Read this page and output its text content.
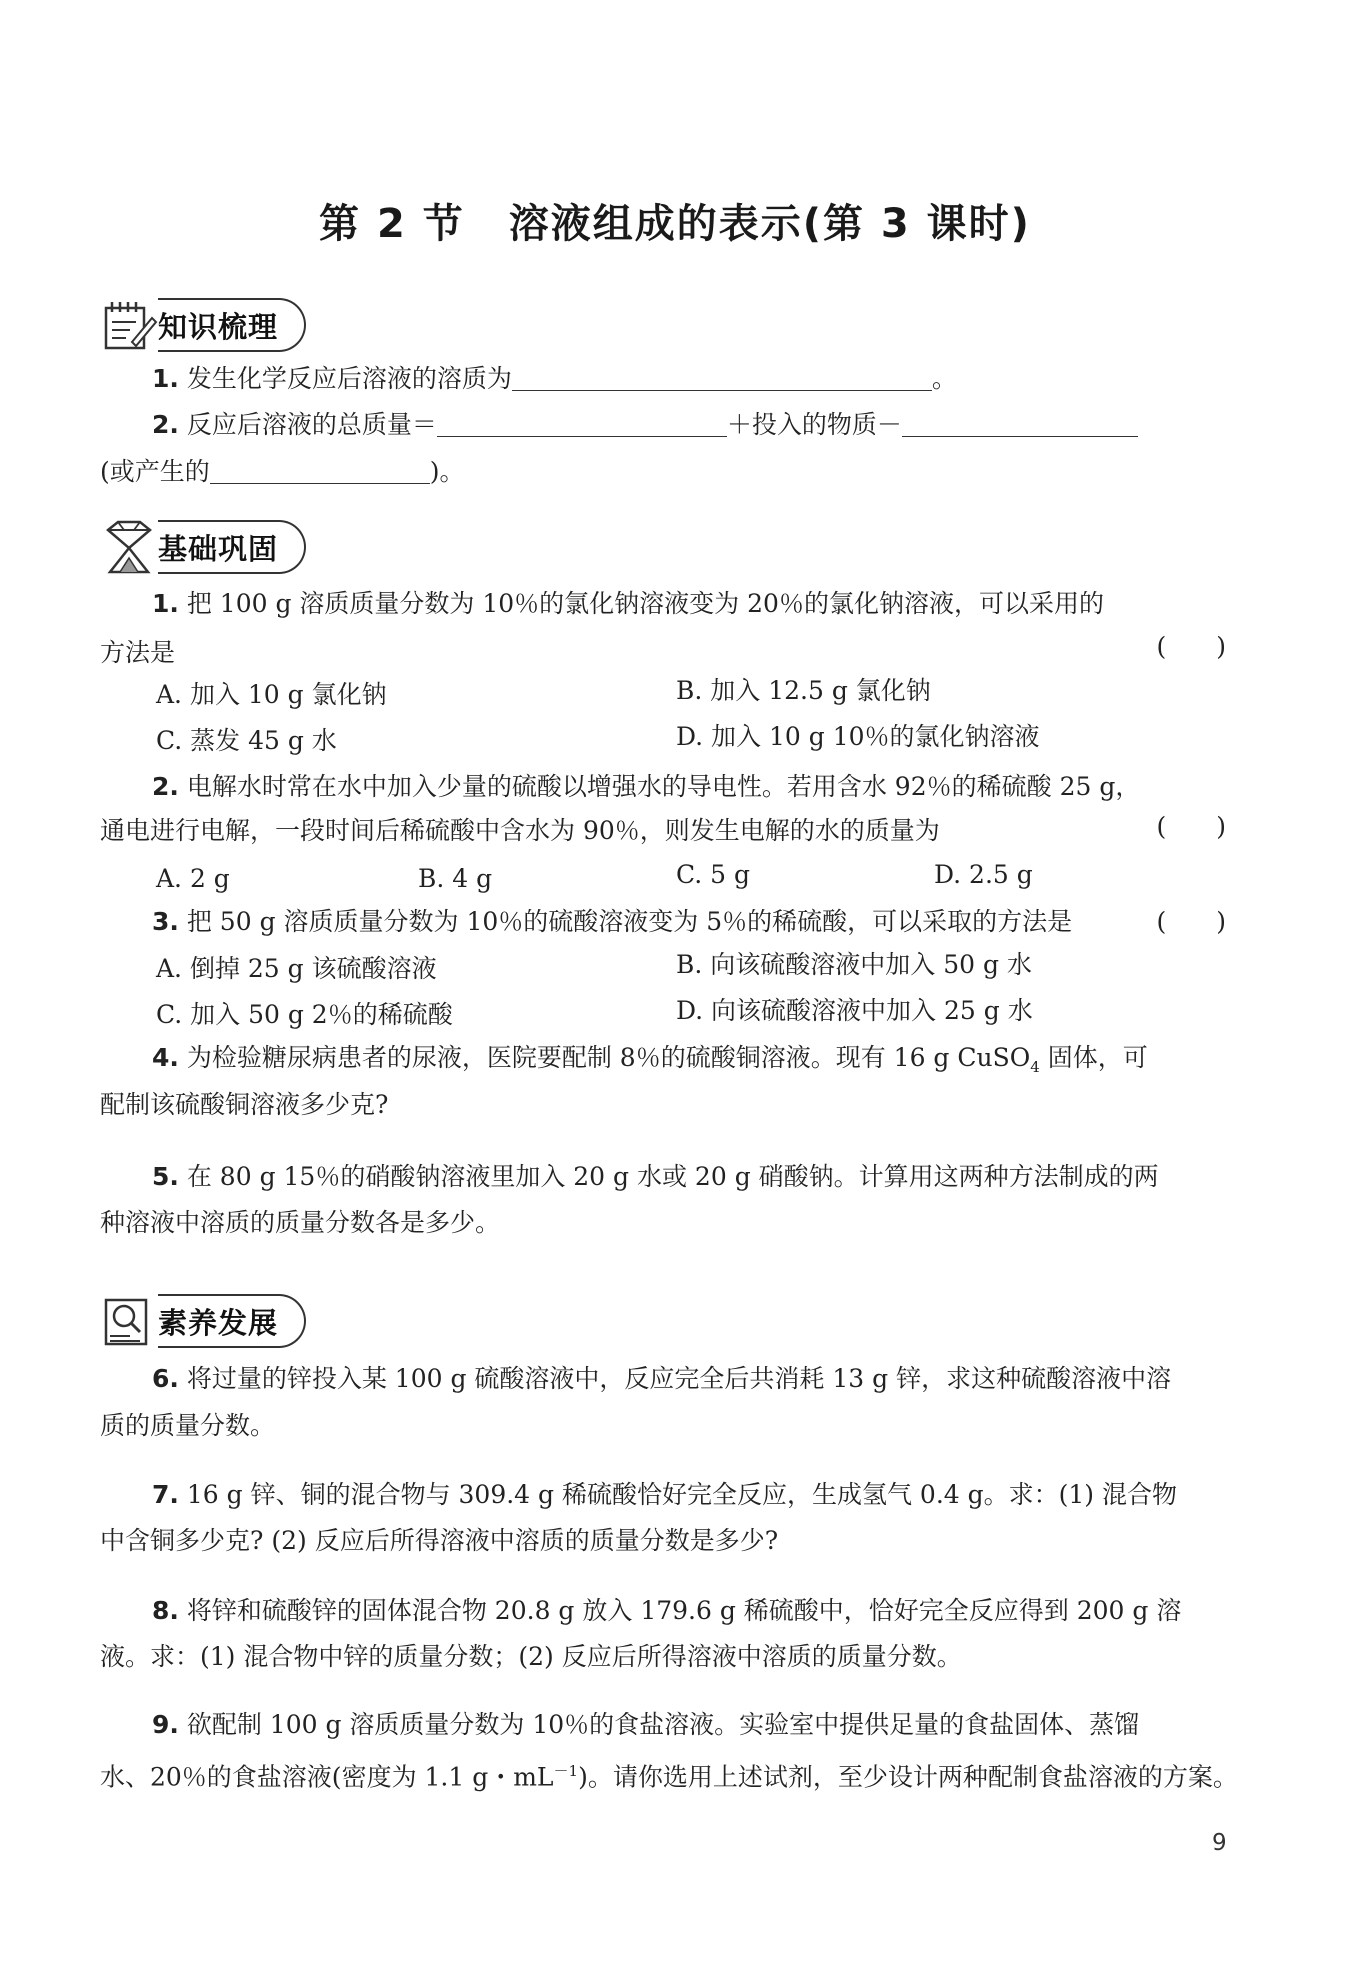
第 2 节 溶液组成的表示(第 3 课时)
知识梳理
1. 发生化学反应后溶液的溶质为	。
2. 反应后溶液的总质量＝	＋投入的物质－
(或产生的	)。
基础巩固
1. 把 100 g 溶质质量分数为 10％的氯化钠溶液变为 20％的氯化钠溶液，可以采用的
方法是	(　　)
A. 加入 10 g 氯化钠	B. 加入 12.5 g 氯化钠
C. 蒸发 45 g 水	D. 加入 10 g 10％的氯化钠溶液
2. 电解水时常在水中加入少量的硫酸以增强水的导电性。若用含水 92％的稀硫酸 25 g，
通电进行电解，一段时间后稀硫酸中含水为 90％，则发生电解的水的质量为	(　　)
A. 2 g	B. 4 g	C. 5 g	D. 2.5 g
3. 把 50 g 溶质质量分数为 10％的硫酸溶液变为 5％的稀硫酸，可以采取的方法是	(　　)
A. 倒掉 25 g 该硫酸溶液	B. 向该硫酸溶液中加入 50 g 水
C. 加入 50 g 2％的稀硫酸	D. 向该硫酸溶液中加入 25 g 水
4. 为检验糖尿病患者的尿液，医院要配制 8％的硫酸铜溶液。现有 16 g CuSO$_4$ 固体，可
配制该硫酸铜溶液多少克?
5. 在 80 g 15％的硝酸钠溶液里加入 20 g 水或 20 g 硝酸钠。计算用这两种方法制成的两
种溶液中溶质的质量分数各是多少。
素养发展
6. 将过量的锌投入某 100 g 硫酸溶液中，反应完全后共消耗 13 g 锌，求这种硫酸溶液中溶
质的质量分数。
7. 16 g 锌、铜的混合物与 309.4 g 稀硫酸恰好完全反应，生成氢气 0.4 g。求：(1) 混合物
中含铜多少克? (2) 反应后所得溶液中溶质的质量分数是多少?
8. 将锌和硫酸锌的固体混合物 20.8 g 放入 179.6 g 稀硫酸中，恰好完全反应得到 200 g 溶
液。求：(1) 混合物中锌的质量分数；(2) 反应后所得溶液中溶质的质量分数。
9. 欲配制 100 g 溶质质量分数为 10％的食盐溶液。实验室中提供足量的食盐固体、蒸馏
水、20％的食盐溶液(密度为 1.1 g・$mL^{-1}$)。请你选用上述试剂，至少设计两种配制食盐溶液的方案。
9
